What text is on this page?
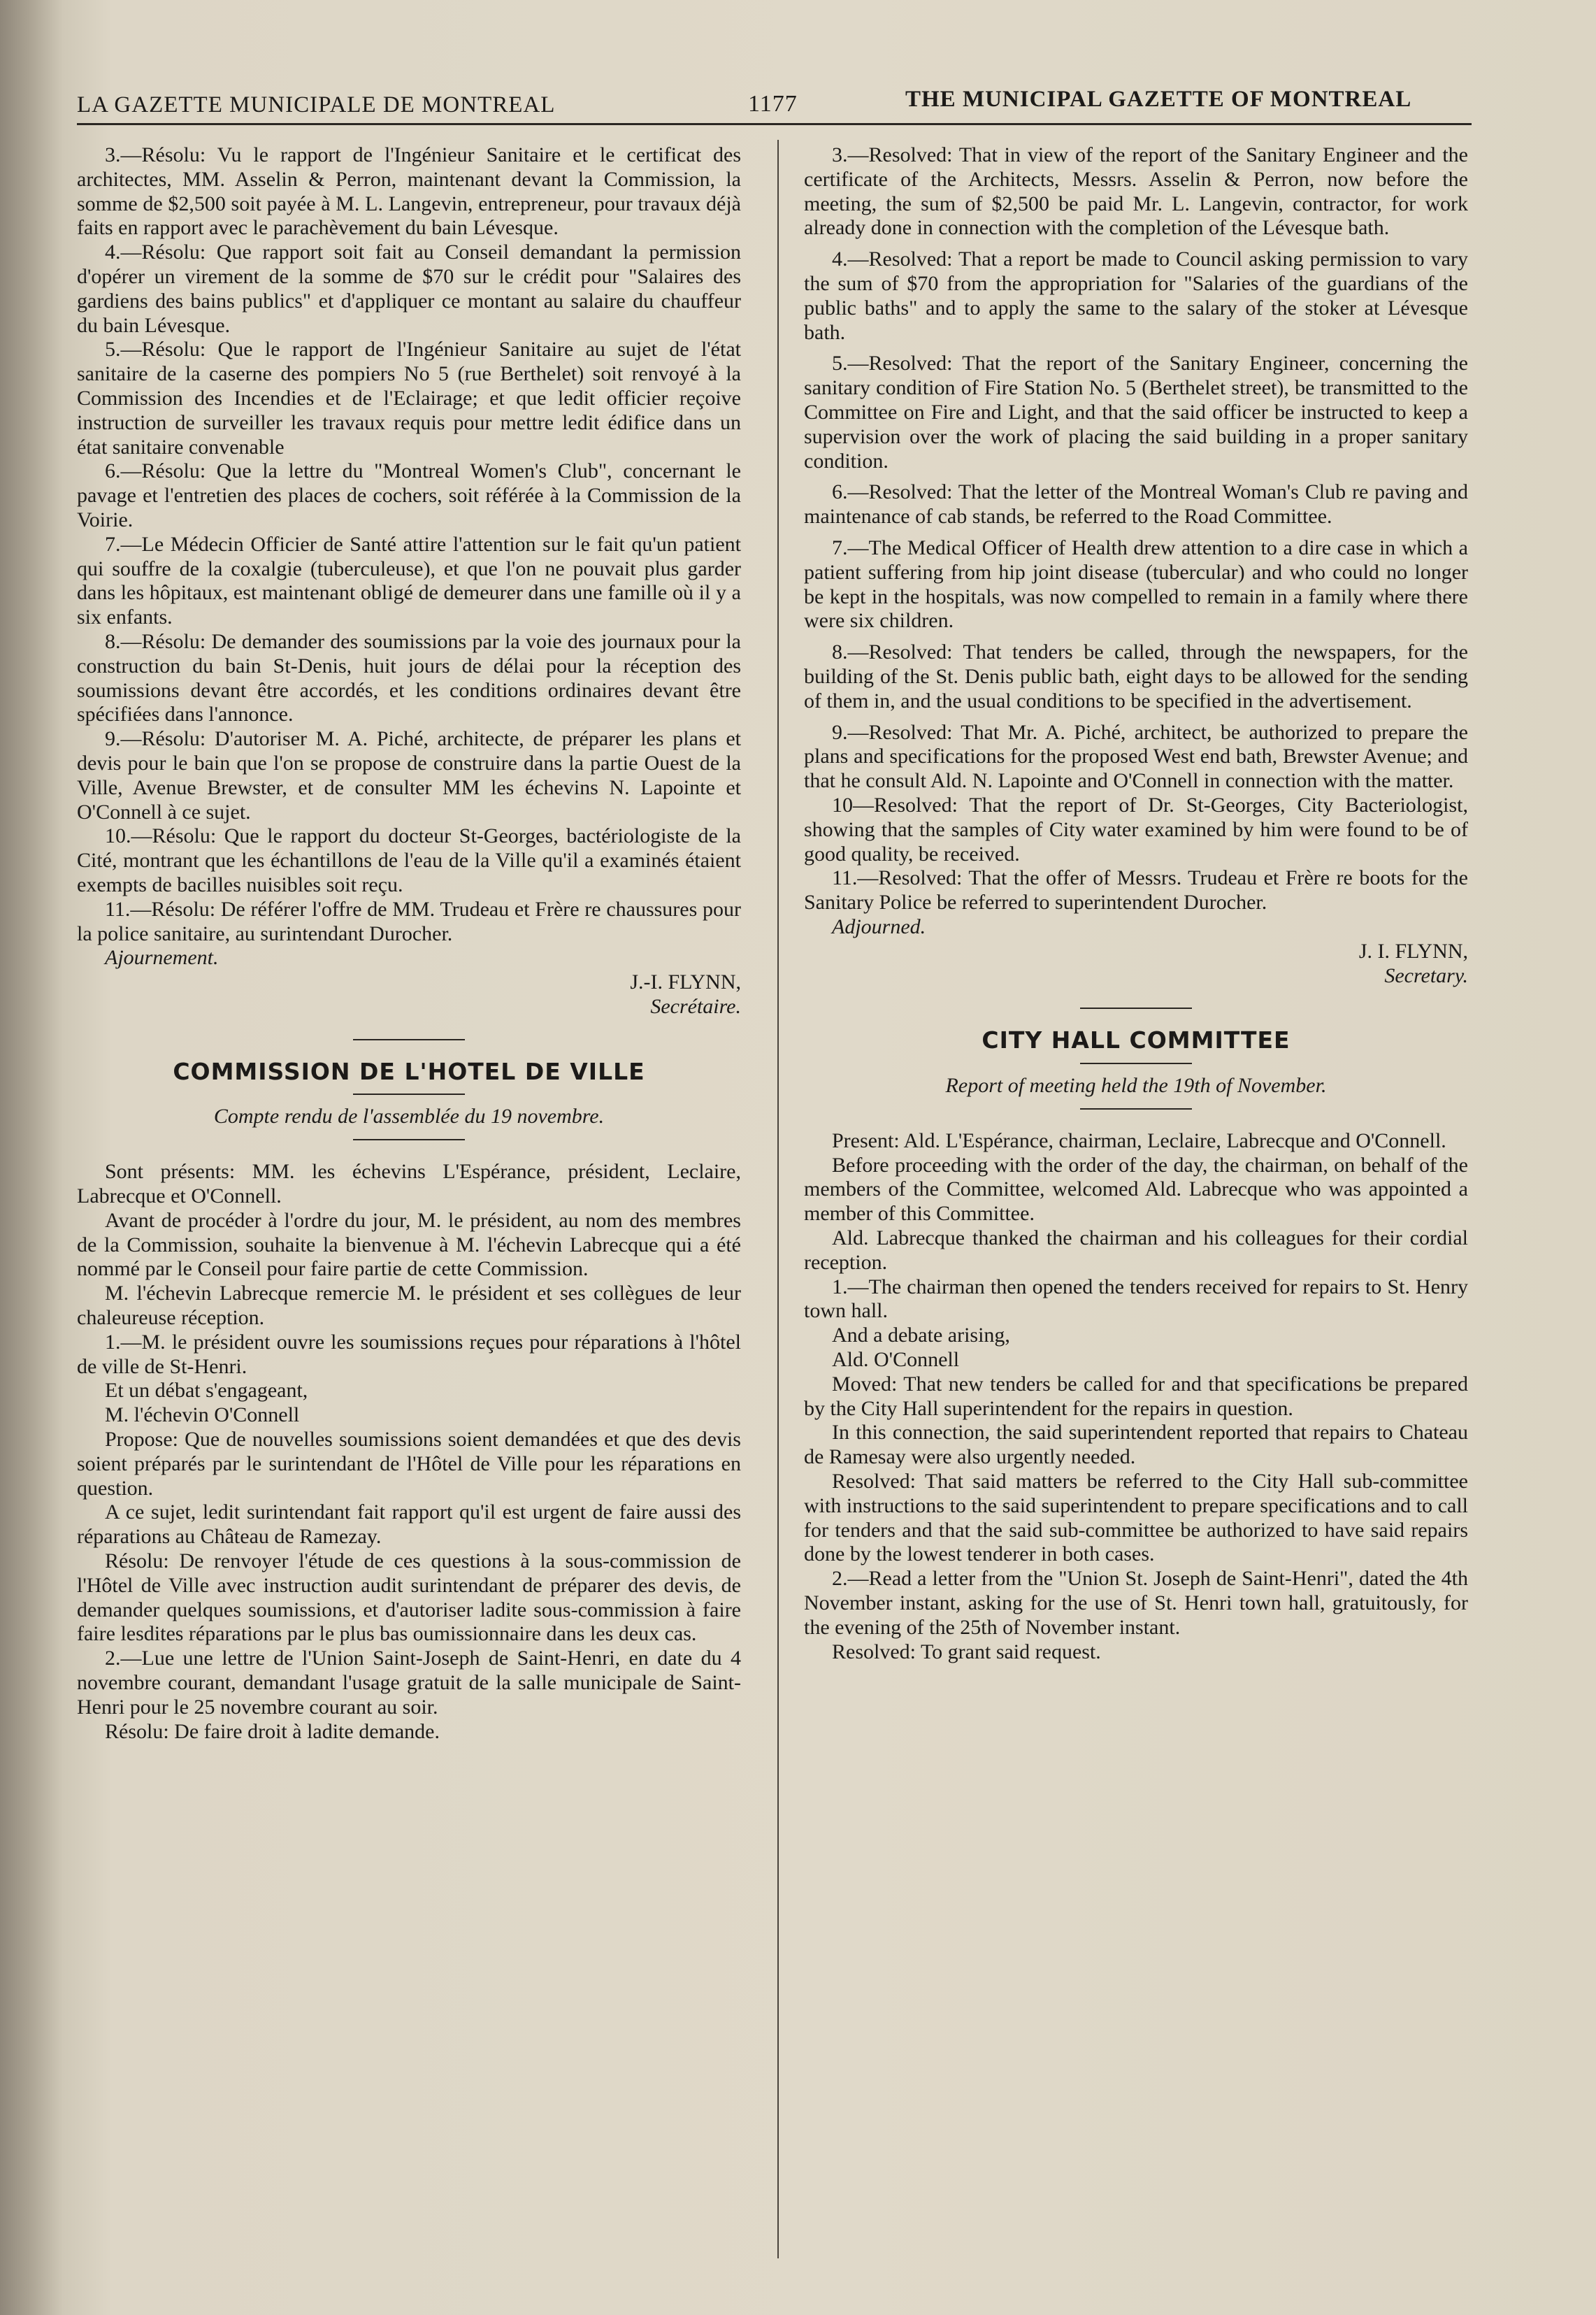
LA GAZETTE MUNICIPALE DE MONTREAL	1177	THE MUNICIPAL GAZETTE OF MONTREAL

3.—Résolu: Vu le rapport de l'Ingénieur Sanitaire et le certificat des architectes, MM. Asselin & Perron, maintenant devant la Commission, la somme de $2,500 soit payée à M. L. Langevin, entrepreneur, pour travaux déjà faits en rapport avec le parachèvement du bain Lévesque.

4.—Résolu: Que rapport soit fait au Conseil demandant la permission d'opérer un virement de la somme de $70 sur le crédit pour "Salaires des gardiens des bains publics" et d'appliquer ce montant au salaire du chauffeur du bain Lévesque.

5.—Résolu: Que le rapport de l'Ingénieur Sanitaire au sujet de l'état sanitaire de la caserne des pompiers No 5 (rue Berthelet) soit renvoyé à la Commission des Incendies et de l'Eclairage; et que ledit officier reçoive instruction de surveiller les travaux requis pour mettre ledit édifice dans un état sanitaire convenable

6.—Résolu: Que la lettre du "Montreal Women's Club", concernant le pavage et l'entretien des places de cochers, soit référée à la Commission de la Voirie.

7.—Le Médecin Officier de Santé attire l'attention sur le fait qu'un patient qui souffre de la coxalgie (tuberculeuse), et que l'on ne pouvait plus garder dans les hôpitaux, est maintenant obligé de demeurer dans une famille où il y a six enfants.

8.—Résolu: De demander des soumissions par la voie des journaux pour la construction du bain St-Denis, huit jours de délai pour la réception des soumissions devant être accordés, et les conditions ordinaires devant être spécifiées dans l'annonce.

9.—Résolu: D'autoriser M. A. Piché, architecte, de préparer les plans et devis pour le bain que l'on se propose de construire dans la partie Ouest de la Ville, Avenue Brewster, et de consulter MM les échevins N. Lapointe et O'Connell à ce sujet.

10.—Résolu: Que le rapport du docteur St-Georges, bactériologiste de la Cité, montrant que les échantillons de l'eau de la Ville qu'il a examinés étaient exempts de bacilles nuisibles soit reçu.

11.—Résolu: De référer l'offre de MM. Trudeau et Frère re chaussures pour la police sanitaire, au surintendant Durocher.

Ajournement.

J.-I. FLYNN,

Secrétaire.

COMMISSION DE L'HOTEL DE VILLE

Compte rendu de l'assemblée du 19 novembre.

Sont présents: MM. les échevins L'Espérance, président, Leclaire, Labrecque et O'Connell.

Avant de procéder à l'ordre du jour, M. le président, au nom des membres de la Commission, souhaite la bienvenue à M. l'échevin Labrecque qui a été nommé par le Conseil pour faire partie de cette Commission.

M. l'échevin Labrecque remercie M. le président et ses collègues de leur chaleureuse réception.

1.—M. le président ouvre les soumissions reçues pour réparations à l'hôtel de ville de St-Henri.

Et un débat s'engageant,

M. l'échevin O'Connell

Propose: Que de nouvelles soumissions soient demandées et que des devis soient préparés par le surintendant de l'Hôtel de Ville pour les réparations en question.

A ce sujet, ledit surintendant fait rapport qu'il est urgent de faire aussi des réparations au Château de Ramezay.

Résolu: De renvoyer l'étude de ces questions à la sous-commission de l'Hôtel de Ville avec instruction audit surintendant de préparer des devis, de demander quelques soumissions, et d'autoriser ladite sous-commission à faire faire lesdites réparations par le plus bas oumissionnaire dans les deux cas.

2.—Lue une lettre de l'Union Saint-Joseph de Saint-Henri, en date du 4 novembre courant, demandant l'usage gratuit de la salle municipale de Saint-Henri pour le 25 novembre courant au soir.

Résolu: De faire droit à ladite demande.

3.—Resolved: That in view of the report of the Sanitary Engineer and the certificate of the Architects, Messrs. Asselin & Perron, now before the meeting, the sum of $2,500 be paid Mr. L. Langevin, contractor, for work already done in connection with the completion of the Lévesque bath.

4.—Resolved: That a report be made to Council asking permission to vary the sum of $70 from the appropriation for "Salaries of the guardians of the public baths" and to apply the same to the salary of the stoker at Lévesque bath.

5.—Resolved: That the report of the Sanitary Engineer, concerning the sanitary condition of Fire Station No. 5 (Berthelet street), be transmitted to the Committee on Fire and Light, and that the said officer be instructed to keep a supervision over the work of placing the said building in a proper sanitary condition.

6.—Resolved: That the letter of the Montreal Woman's Club re paving and maintenance of cab stands, be referred to the Road Committee.

7.—The Medical Officer of Health drew attention to a dire case in which a patient suffering from hip joint disease (tubercular) and who could no longer be kept in the hospitals, was now compelled to remain in a family where there were six children.

8.—Resolved: That tenders be called, through the newspapers, for the building of the St. Denis public bath, eight days to be allowed for the sending of them in, and the usual conditions to be specified in the advertisement.

9.—Resolved: That Mr. A. Piché, architect, be authorized to prepare the plans and specifications for the proposed West end bath, Brewster Avenue; and that he consult Ald. N. Lapointe and O'Connell in connection with the matter.

10—Resolved: That the report of Dr. St-Georges, City Bacteriologist, showing that the samples of City water examined by him were found to be of good quality, be received.

11.—Resolved: That the offer of Messrs. Trudeau et Frère re boots for the Sanitary Police be referred to superintendent Durocher.

Adjourned.

J. I. FLYNN,

Secretary.

CITY HALL COMMITTEE

Report of meeting held the 19th of November.

Present: Ald. L'Espérance, chairman, Leclaire, Labrecque and O'Connell.

Before proceeding with the order of the day, the chairman, on behalf of the members of the Committee, welcomed Ald. Labrecque who was appointed a member of this Committee.

Ald. Labrecque thanked the chairman and his colleagues for their cordial reception.

1.—The chairman then opened the tenders received for repairs to St. Henry town hall.

And a debate arising,

Ald. O'Connell

Moved: That new tenders be called for and that specifications be prepared by the City Hall superintendent for the repairs in question.

In this connection, the said superintendent reported that repairs to Chateau de Ramesay were also urgently needed.

Resolved: That said matters be referred to the City Hall sub-committee with instructions to the said superintendent to prepare specifications and to call for tenders and that the said sub-committee be authorized to have said repairs done by the lowest tenderer in both cases.

2.—Read a letter from the "Union St. Joseph de Saint-Henri", dated the 4th November instant, asking for the use of St. Henri town hall, gratuitously, for the evening of the 25th of November instant.

Resolved: To grant said request.
